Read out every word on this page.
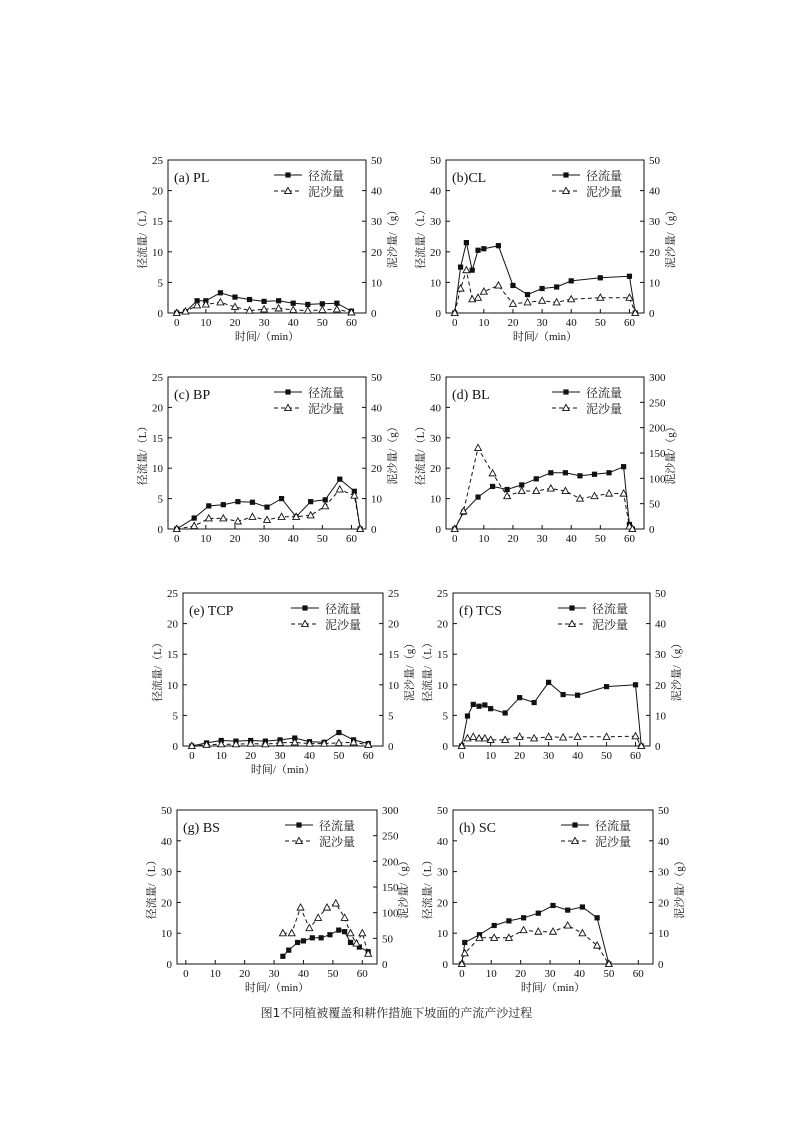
0 10 20 30 40 50 60
0
5
10
15
20
25
0
10
20
30
40
50
时间/（min）
径流量/（L）	泥沙量/（g）
(a) PL	径流量
泥沙量
0 10 20 30 40 50 60
0
10
20
30
40
50
0
10
20
30
40
50
时间/（min）
径流量/（L）	泥沙量/（g）
(b)CL	径流量
泥沙量
0 10 20 30 40 50 60
0
5
10
15
20
25
0
10
20
30
40
50
径流量/（L）	泥沙量/（g）
(c) BP	径流量
泥沙量
0 10 20 30 40 50 60
0
10
20
30
40
50
0
50
100
150
200
250
300
径流量/（L）	泥沙量/（g）
(d) BL	径流量
泥沙量
0 10 20 30 40 50 60
0
5
10
15
20
25
0
5
10
15
20
25
时间/（min）
径流量/（L）	泥沙量/（g）
(e) TCP	径流量
泥沙量
0 10 20 30 40 50 60
0
5
10
15
20
25
0
10
20
30
40
50
径流量/（L）	泥沙量/（g）
(f) TCS	径流量
泥沙量
0 10 20 30 40 50 60
0
10
20
30
40
50
0
50
100
150
200
250
300
时间/（min）
径流量/（L）	泥沙量/（g）
(g) BS	径流量
泥沙量
0 10 20 30 40 50 60
0
10
20
30
40
50
0
10
20
30
40
50
时间/（min）
径流量/（L）	泥沙量/（g）
(h) SC	径流量
泥沙量
图1不同植被覆盖和耕作措施下坡面的产流产沙过程
